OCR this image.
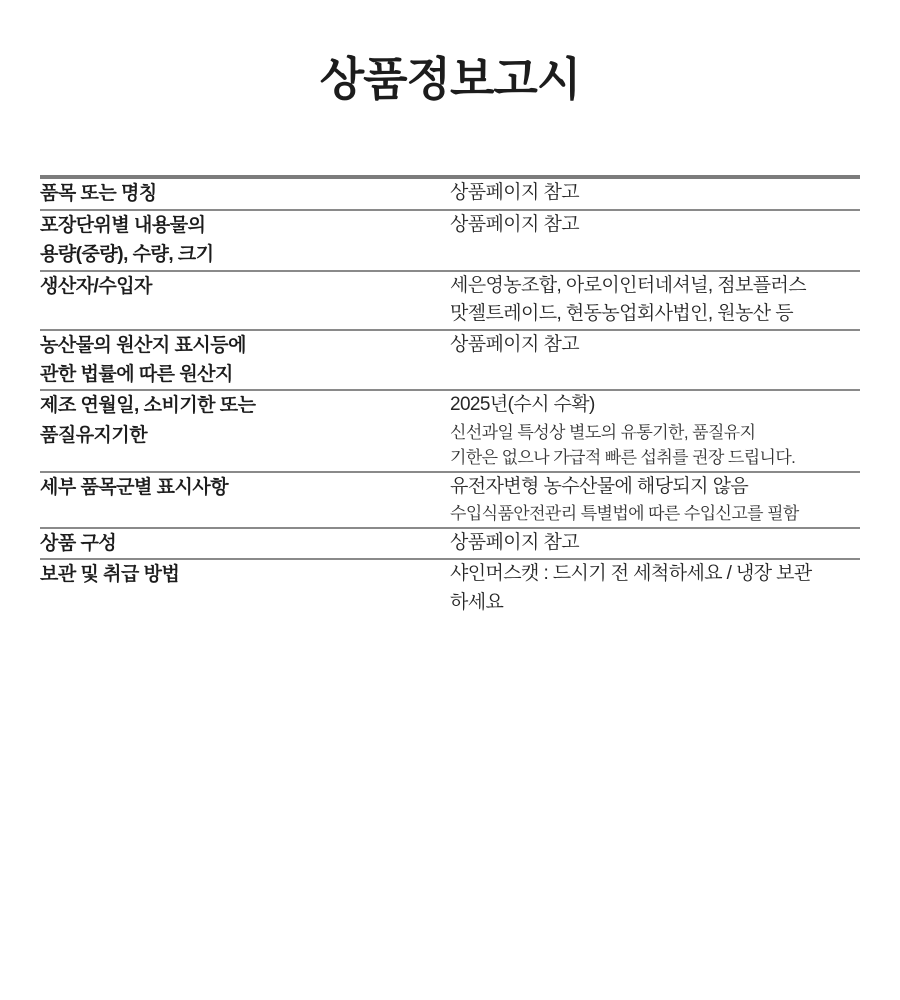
상품정보고시

품목 또는 명칭	상품페이지 참고

포장단위별 내용물의
용량(중량), 수량, 크기	상품페이지 참고

생산자/수입자	세은영농조합, 아로이인터네셔널, 점보플러스
맛젤트레이드, 현동농업회사법인, 원농산 등

농산물의 원산지 표시등에
관한 법률에 따른 원산지	상품페이지 참고

제조 연월일, 소비기한 또는
품질유지기한	2025년(수시 수확)
신선과일 특성상 별도의 유통기한, 품질유지
기한은 없으나 가급적 빠른 섭취를 권장 드립니다.

세부 품목군별 표시사항	유전자변형 농수산물에 해당되지 않음
수입식품안전관리 특별법에 따른 수입신고를 필함

상품 구성	상품페이지 참고

보관 및 취급 방법	샤인머스캣 : 드시기 전 세척하세요 / 냉장 보관
하세요
